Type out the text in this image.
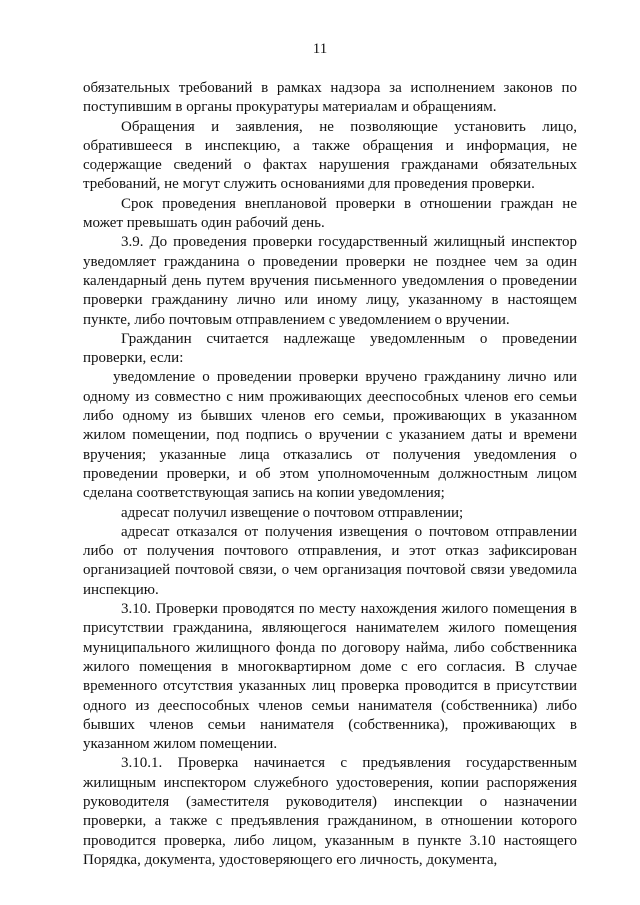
11

обязательных требований в рамках надзора за исполнением законов по поступившим в органы прокуратуры материалам и обращениям.

Обращения и заявления, не позволяющие установить лицо, обратившееся в инспекцию, а также обращения и информация, не содержащие сведений о фактах нарушения гражданами обязательных требований, не могут служить основаниями для проведения проверки.

Срок проведения внеплановой проверки в отношении граждан не может превышать один рабочий день.

3.9. До проведения проверки государственный жилищный инспектор уведомляет гражданина о проведении проверки не позднее чем за один календарный день путем вручения письменного уведомления о проведении проверки гражданину лично или иному лицу, указанному в настоящем пункте, либо почтовым отправлением с уведомлением о вручении.

Гражданин считается надлежаще уведомленным о проведении проверки, если:

уведомление о проведении проверки вручено гражданину лично или одному из совместно с ним проживающих дееспособных членов его семьи либо одному из бывших членов его семьи, проживающих в указанном жилом помещении, под подпись о вручении с указанием даты и времени вручения; указанные лица отказались от получения уведомления о проведении проверки, и об этом уполномоченным должностным лицом сделана соответствующая запись на копии уведомления;

адресат получил извещение о почтовом отправлении;

адресат отказался от получения извещения о почтовом отправлении либо от получения почтового отправления, и этот отказ зафиксирован организацией почтовой связи, о чем организация почтовой связи уведомила инспекцию.

3.10. Проверки проводятся по месту нахождения жилого помещения в присутствии гражданина, являющегося нанимателем жилого помещения муниципального жилищного фонда по договору найма, либо собственника жилого помещения в многоквартирном доме с его согласия. В случае временного отсутствия указанных лиц проверка проводится в присутствии одного из дееспособных членов семьи нанимателя (собственника) либо бывших членов семьи нанимателя (собственника), проживающих в указанном жилом помещении.

3.10.1. Проверка начинается с предъявления государственным жилищным инспектором служебного удостоверения, копии распоряжения руководителя (заместителя руководителя) инспекции о назначении проверки, а также с предъявления гражданином, в отношении которого проводится проверка, либо лицом, указанным в пункте 3.10 настоящего Порядка, документа, удостоверяющего его личность, документа,
